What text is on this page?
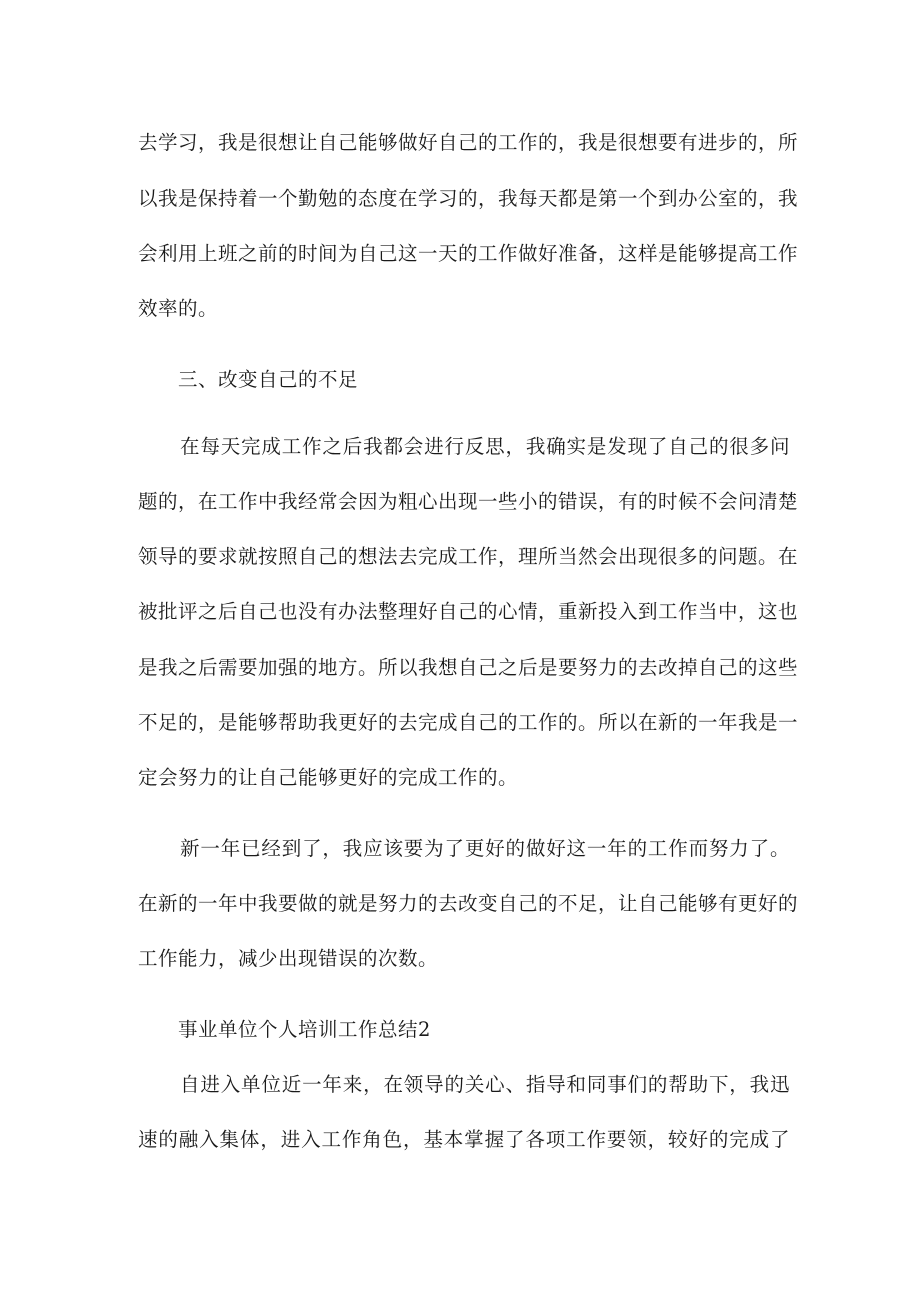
去学习，我是很想让自己能够做好自己的工作的，我是很想要有进步的，所
以我是保持着一个勤勉的态度在学习的，我每天都是第一个到办公室的，我
会利用上班之前的时间为自己这一天的工作做好准备，这样是能够提高工作
效率的。
三、改变自己的不足
在每天完成工作之后我都会进行反思，我确实是发现了自己的很多问
题的，在工作中我经常会因为粗心出现一些小的错误，有的时候不会问清楚
领导的要求就按照自己的想法去完成工作，理所当然会出现很多的问题。在
被批评之后自己也没有办法整理好自己的心情，重新投入到工作当中，这也
是我之后需要加强的地方。所以我想自己之后是要努力的去改掉自己的这些
不足的，是能够帮助我更好的去完成自己的工作的。所以在新的一年我是一
定会努力的让自己能够更好的完成工作的。
新一年已经到了，我应该要为了更好的做好这一年的工作而努力了。
在新的一年中我要做的就是努力的去改变自己的不足，让自己能够有更好的
工作能力，减少出现错误的次数。
事业单位个人培训工作总结2
自进入单位近一年来，在领导的关心、指导和同事们的帮助下，我迅
速的融入集体，进入工作角色，基本掌握了各项工作要领，较好的完成了
